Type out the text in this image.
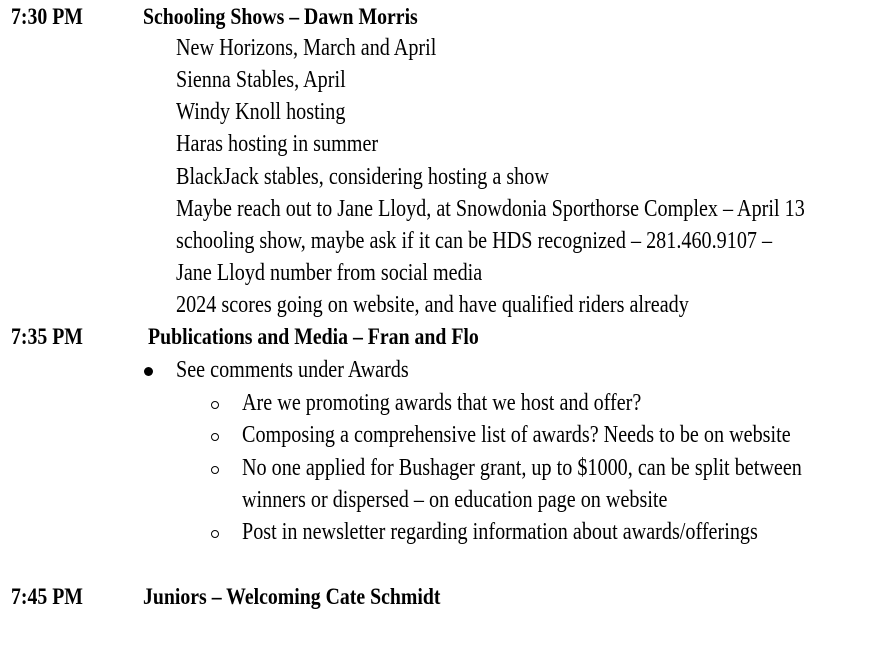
7:30 PM	Schooling Shows – Dawn Morris
New Horizons, March and April
Sienna Stables, April
Windy Knoll hosting
Haras hosting in summer
BlackJack stables, considering hosting a show
Maybe reach out to Jane Lloyd, at Snowdonia Sporthorse Complex – April 13
schooling show, maybe ask if it can be HDS recognized – 281.460.9107 –
Jane Lloyd number from social media
2024 scores going on website, and have qualified riders already
7:35 PM	Publications and Media – Fran and Flo
See comments under Awards
Are we promoting awards that we host and offer?
Composing a comprehensive list of awards? Needs to be on website
No one applied for Bushager grant, up to $1000, can be split between
winners or dispersed – on education page on website
Post in newsletter regarding information about awards/offerings
7:45 PM	Juniors – Welcoming Cate Schmidt
